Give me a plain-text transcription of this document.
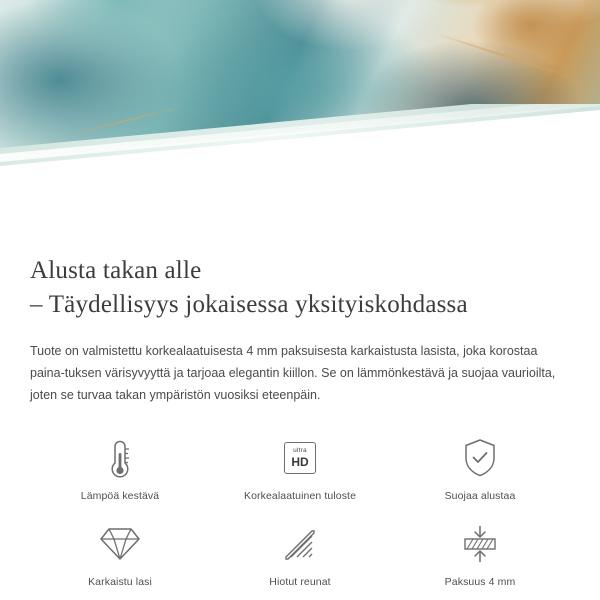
Alusta takan alle
– Täydellisyys jokaisessa yksityiskohdassa

Tuote on valmistettu korkealaatuisesta 4 mm paksuisesta karkaistusta lasista, joka korostaa paina-tuksen värisyvyyttä ja tarjoaa elegantin kiillon. Se on lämmönkestävä ja suojaa vaurioilta, joten se turvaa takan ympäristön vuosiksi eteenpäin.

Lämpöä kestävä
ultra
HD
Korkealaatuinen tuloste	Suojaa alustaa
Karkaistu lasi	Hiotut reunat	Paksuus 4 mm
